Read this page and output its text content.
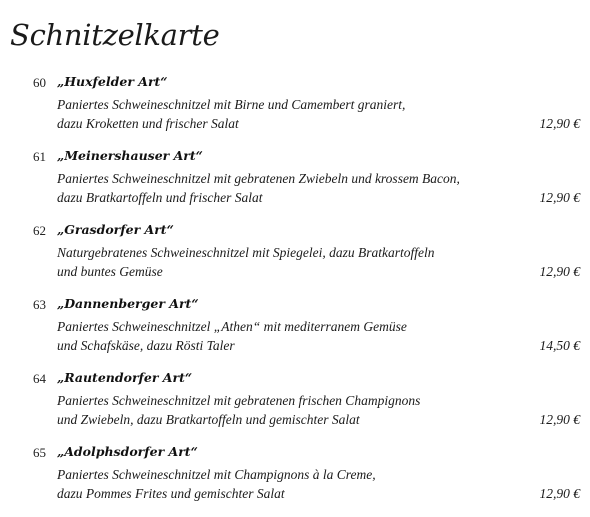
Schnitzelkarte
60 „Huxfelder Art“
Paniertes Schweineschnitzel mit Birne und Camembert graniert,
dazu Kroketten und frischer Salat	12,90 €
61 „Meinershauser Art“
Paniertes Schweineschnitzel mit gebratenen Zwiebeln und krossem Bacon,
dazu Bratkartoffeln und frischer Salat	12,90 €
62 „Grasdorfer Art“
Naturgebratenes Schweineschnitzel mit Spiegelei, dazu Bratkartoffeln
und buntes Gemüse	12,90 €
63 „Dannenberger Art“
Paniertes Schweineschnitzel „Athen“ mit mediterranem Gemüse
und Schafskäse, dazu Rösti Taler	14,50 €
64 „Rautendorfer Art“
Paniertes Schweineschnitzel mit gebratenen frischen Champignons
und Zwiebeln, dazu Bratkartoffeln und gemischter Salat	12,90 €
65 „Adolphsdorfer Art“
Paniertes Schweineschnitzel mit Champignons à la Creme,
dazu Pommes Frites und gemischter Salat	12,90 €
